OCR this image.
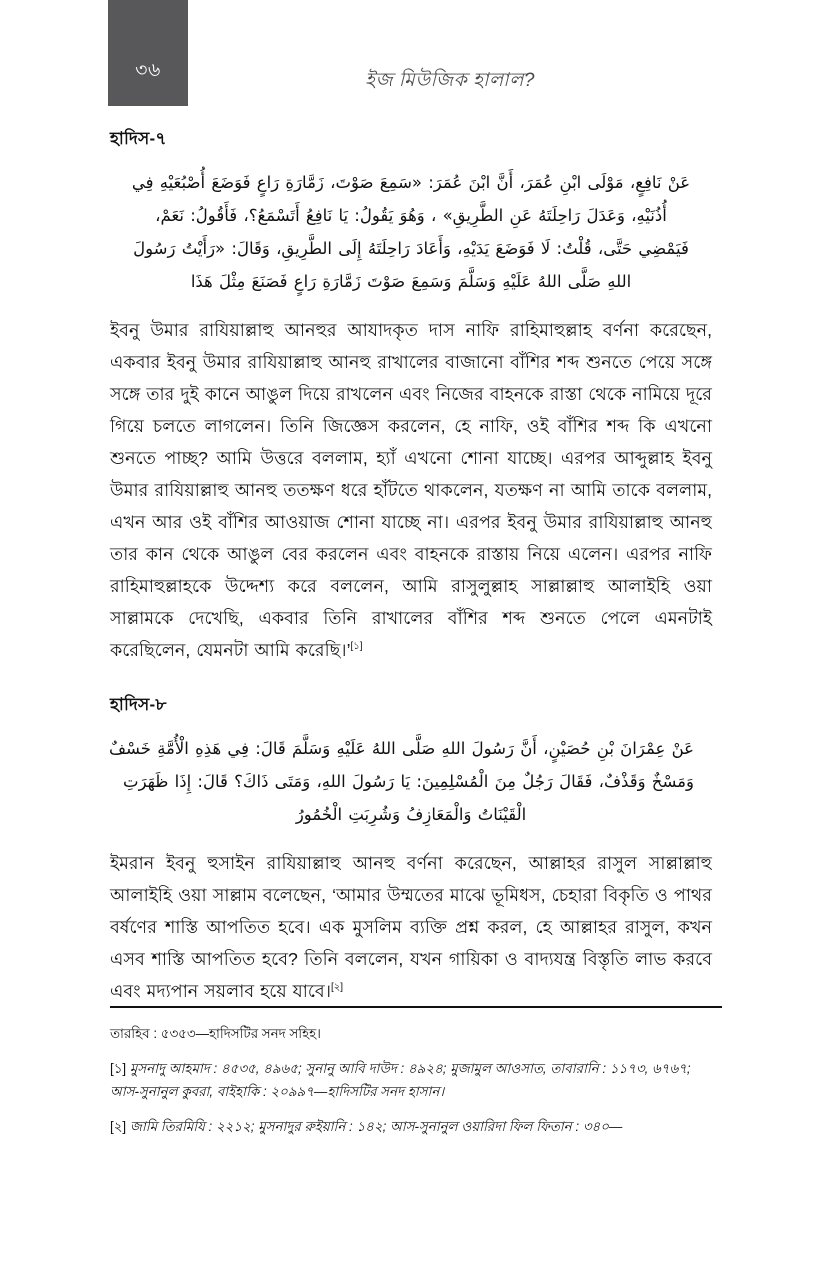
৩৬	ইজ মিউজিক হালাল?
হাদিস-৭
عَنْ نَافِعٍ، مَوْلَى ابْنِ عُمَرَ، أَنَّ ابْنَ عُمَرَ: «سَمِعَ صَوْتَ، زَمَّارَةِ رَاعٍ فَوَضَعَ أُصْبُعَيْهِ فِي
أُذُنَيْهِ، وَعَدَلَ رَاحِلَتَهُ عَنِ الطَّرِيقِ» ، وَهُوَ يَقُولُ: يَا نَافِعُ أَتَسْمَعُ؟، فَأَقُولُ: نَعَمْ،
فَيَمْضِي حَتَّى، قُلْتُ: لَا فَوَضَعَ يَدَيْهِ، وَأَعَادَ رَاحِلَتَهُ إِلَى الطَّرِيقِ، وَقَالَ: «رَأَيْتُ رَسُولَ
اللهِ صَلَّى اللهُ عَلَيْهِ وَسَلَّمَ وَسَمِعَ صَوْتَ زَمَّارَةِ رَاعٍ فَصَنَعَ مِثْلَ هَذَا

ইবনু উমার রাযিয়াল্লাহু আনহুর আযাদকৃত দাস নাফি রাহিমাহুল্লাহ বর্ণনা করেছেন, একবার ইবনু উমার রাযিয়াল্লাহু আনহু রাখালের বাজানো বাঁশির শব্দ শুনতে পেয়ে সঙ্গে সঙ্গে তার দুই কানে আঙুল দিয়ে রাখলেন এবং নিজের বাহনকে রাস্তা থেকে নামিয়ে দূরে গিয়ে চলতে লাগলেন। তিনি জিজ্ঞেস করলেন, হে নাফি, ওই বাঁশির শব্দ কি এখনো শুনতে পাচ্ছ? আমি উত্তরে বললাম, হ্যাঁ এখনো শোনা যাচ্ছে। এরপর আব্দুল্লাহ ইবনু উমার রাযিয়াল্লাহু আনহু ততক্ষণ ধরে হাঁটতে থাকলেন, যতক্ষণ না আমি তাকে বললাম, এখন আর ওই বাঁশির আওয়াজ শোনা যাচ্ছে না। এরপর ইবনু উমার রাযিয়াল্লাহু আনহু তার কান থেকে আঙুল বের করলেন এবং বাহনকে রাস্তায় নিয়ে এলেন। এরপর নাফি রাহিমাহুল্লাহকে উদ্দেশ্য করে বললেন, আমি রাসুলুল্লাহ সাল্লাল্লাহু আলাইহি ওয়া সাল্লামকে দেখেছি, একবার তিনি রাখালের বাঁশির শব্দ শুনতে পেলে এমনটাই করেছিলেন, যেমনটা আমি করেছি।’[১]

হাদিস-৮
عَنْ عِمْرَانَ بْنِ حُصَيْنٍ، أَنَّ رَسُولَ اللهِ صَلَّى اللهُ عَلَيْهِ وَسَلَّمَ قَالَ: فِي هَذِهِ الْأُمَّةِ خَسْفٌ
وَمَسْخٌ وَقَذْفٌ، فَقَالَ رَجُلٌ مِنَ الْمُسْلِمِينَ: يَا رَسُولَ اللهِ، وَمَتَى ذَاكَ؟ قَالَ: إِذَا ظَهَرَتِ
الْقَيْنَاتُ وَالْمَعَازِفُ وَشُرِبَتِ الْخُمُورُ

ইমরান ইবনু হুসাইন রাযিয়াল্লাহু আনহু বর্ণনা করেছেন, আল্লাহর রাসুল সাল্লাল্লাহু আলাইহি ওয়া সাল্লাম বলেছেন, ‘আমার উম্মতের মাঝে ভূমিধস, চেহারা বিকৃতি ও পাথর বর্ষণের শাস্তি আপতিত হবে। এক মুসলিম ব্যক্তি প্রশ্ন করল, হে আল্লাহর রাসুল, কখন এসব শাস্তি আপতিত হবে? তিনি বললেন, যখন গায়িকা ও বাদ্যযন্ত্র বিস্তৃতি লাভ করবে এবং মদ্যপান সয়লাব হয়ে যাবে।[২]

তারহিব : ৫৩৫৩—হাদিসটির সনদ সহিহ।

[১] মুসনাদু আহমাদ : ৪৫৩৫, ৪৯৬৫; সুনানু আবি দাউদ : ৪৯২৪; মুজামুল আওসাত, তাবারানি : ১১৭৩, ৬৭৬৭; আস-সুনানুল কুবরা, বাইহাকি : ২০৯৯৭—হাদিসটির সনদ হাসান।

[২] জামি তিরমিযি : ২২১২; মুসনাদুর রুইয়ানি : ১৪২; আস-সুনানুল ওয়ারিদা ফিল ফিতান : ৩৪০—
